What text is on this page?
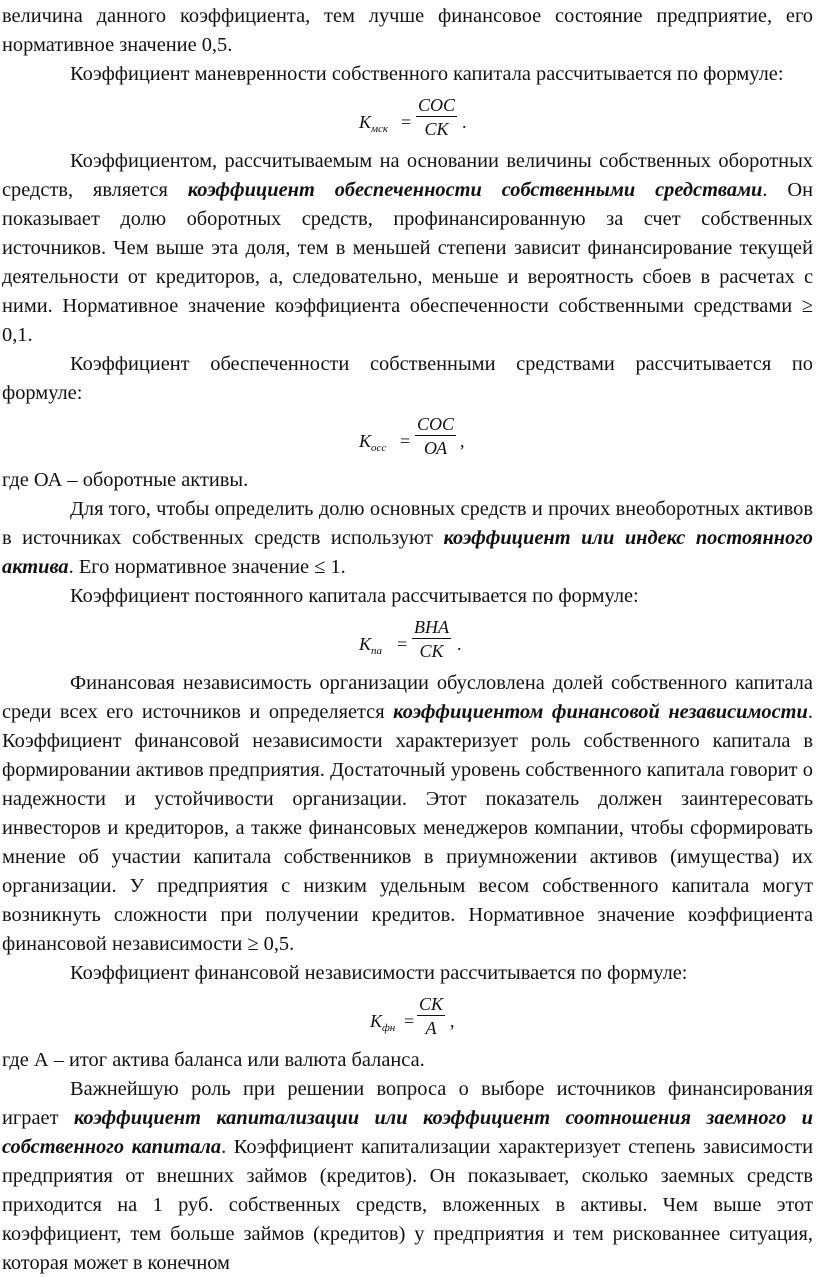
величина данного коэффициента, тем лучше финансовое состояние предприятие, его нормативное значение 0,5.

Коэффициент маневренности собственного капитала рассчитывается по формуле:

$К_{мск}$ =
СОС
СК .

Коэффициентом, рассчитываемым на основании величины собственных оборотных средств, является коэффициент обеспеченности собственными средствами. Он показывает долю оборотных средств, профинансированную за счет собственных источников. Чем выше эта доля, тем в меньшей степени зависит финансирование текущей деятельности от кредиторов, а, следовательно, меньше и вероятность сбоев в расчетах с ними. Нормативное значение коэффициента обеспеченности собственными средствами ≥ 0,1.

Коэффициент обеспеченности собственными средствами рассчитывается по формуле:

$К_{осс}$ =
СОС
ОА ,

где ОА – оборотные активы.

Для того, чтобы определить долю основных средств и прочих внеоборотных активов в источниках собственных средств используют коэффициент или индекс постоянного актива. Его нормативное значение ≤ 1.

Коэффициент постоянного капитала рассчитывается по формуле:

$К_{па}$ =
ВНА
СК .

Финансовая независимость организации обусловлена долей собственного капитала среди всех его источников и определяется коэффициентом финансовой независимости. Коэффициент финансовой независимости характеризует роль собственного капитала в формировании активов предприятия. Достаточный уровень собственного капитала говорит о надежности и устойчивости организации. Этот показатель должен заинтересовать инвесторов и кредиторов, а также финансовых менеджеров компании, чтобы сформировать мнение об участии капитала собственников в приумножении активов (имущества) их организации. У предприятия с низким удельным весом собственного капитала могут возникнуть сложности при получении кредитов. Нормативное значение коэффициента финансовой независимости ≥ 0,5.

Коэффициент финансовой независимости рассчитывается по формуле:

$К_{фн}$ =
СК
А ,

где А – итог актива баланса или валюта баланса.

Важнейшую роль при решении вопроса о выборе источников финансирования играет коэффициент капитализации или коэффициент соотношения заемного и собственного капитала. Коэффициент капитализации характеризует степень зависимости предприятия от внешних займов (кредитов). Он показывает, сколько заемных средств приходится на 1 руб. собственных средств, вложенных в активы. Чем выше этот коэффициент, тем больше займов (кредитов) у предприятия и тем рискованнее ситуация, которая может в конечном
